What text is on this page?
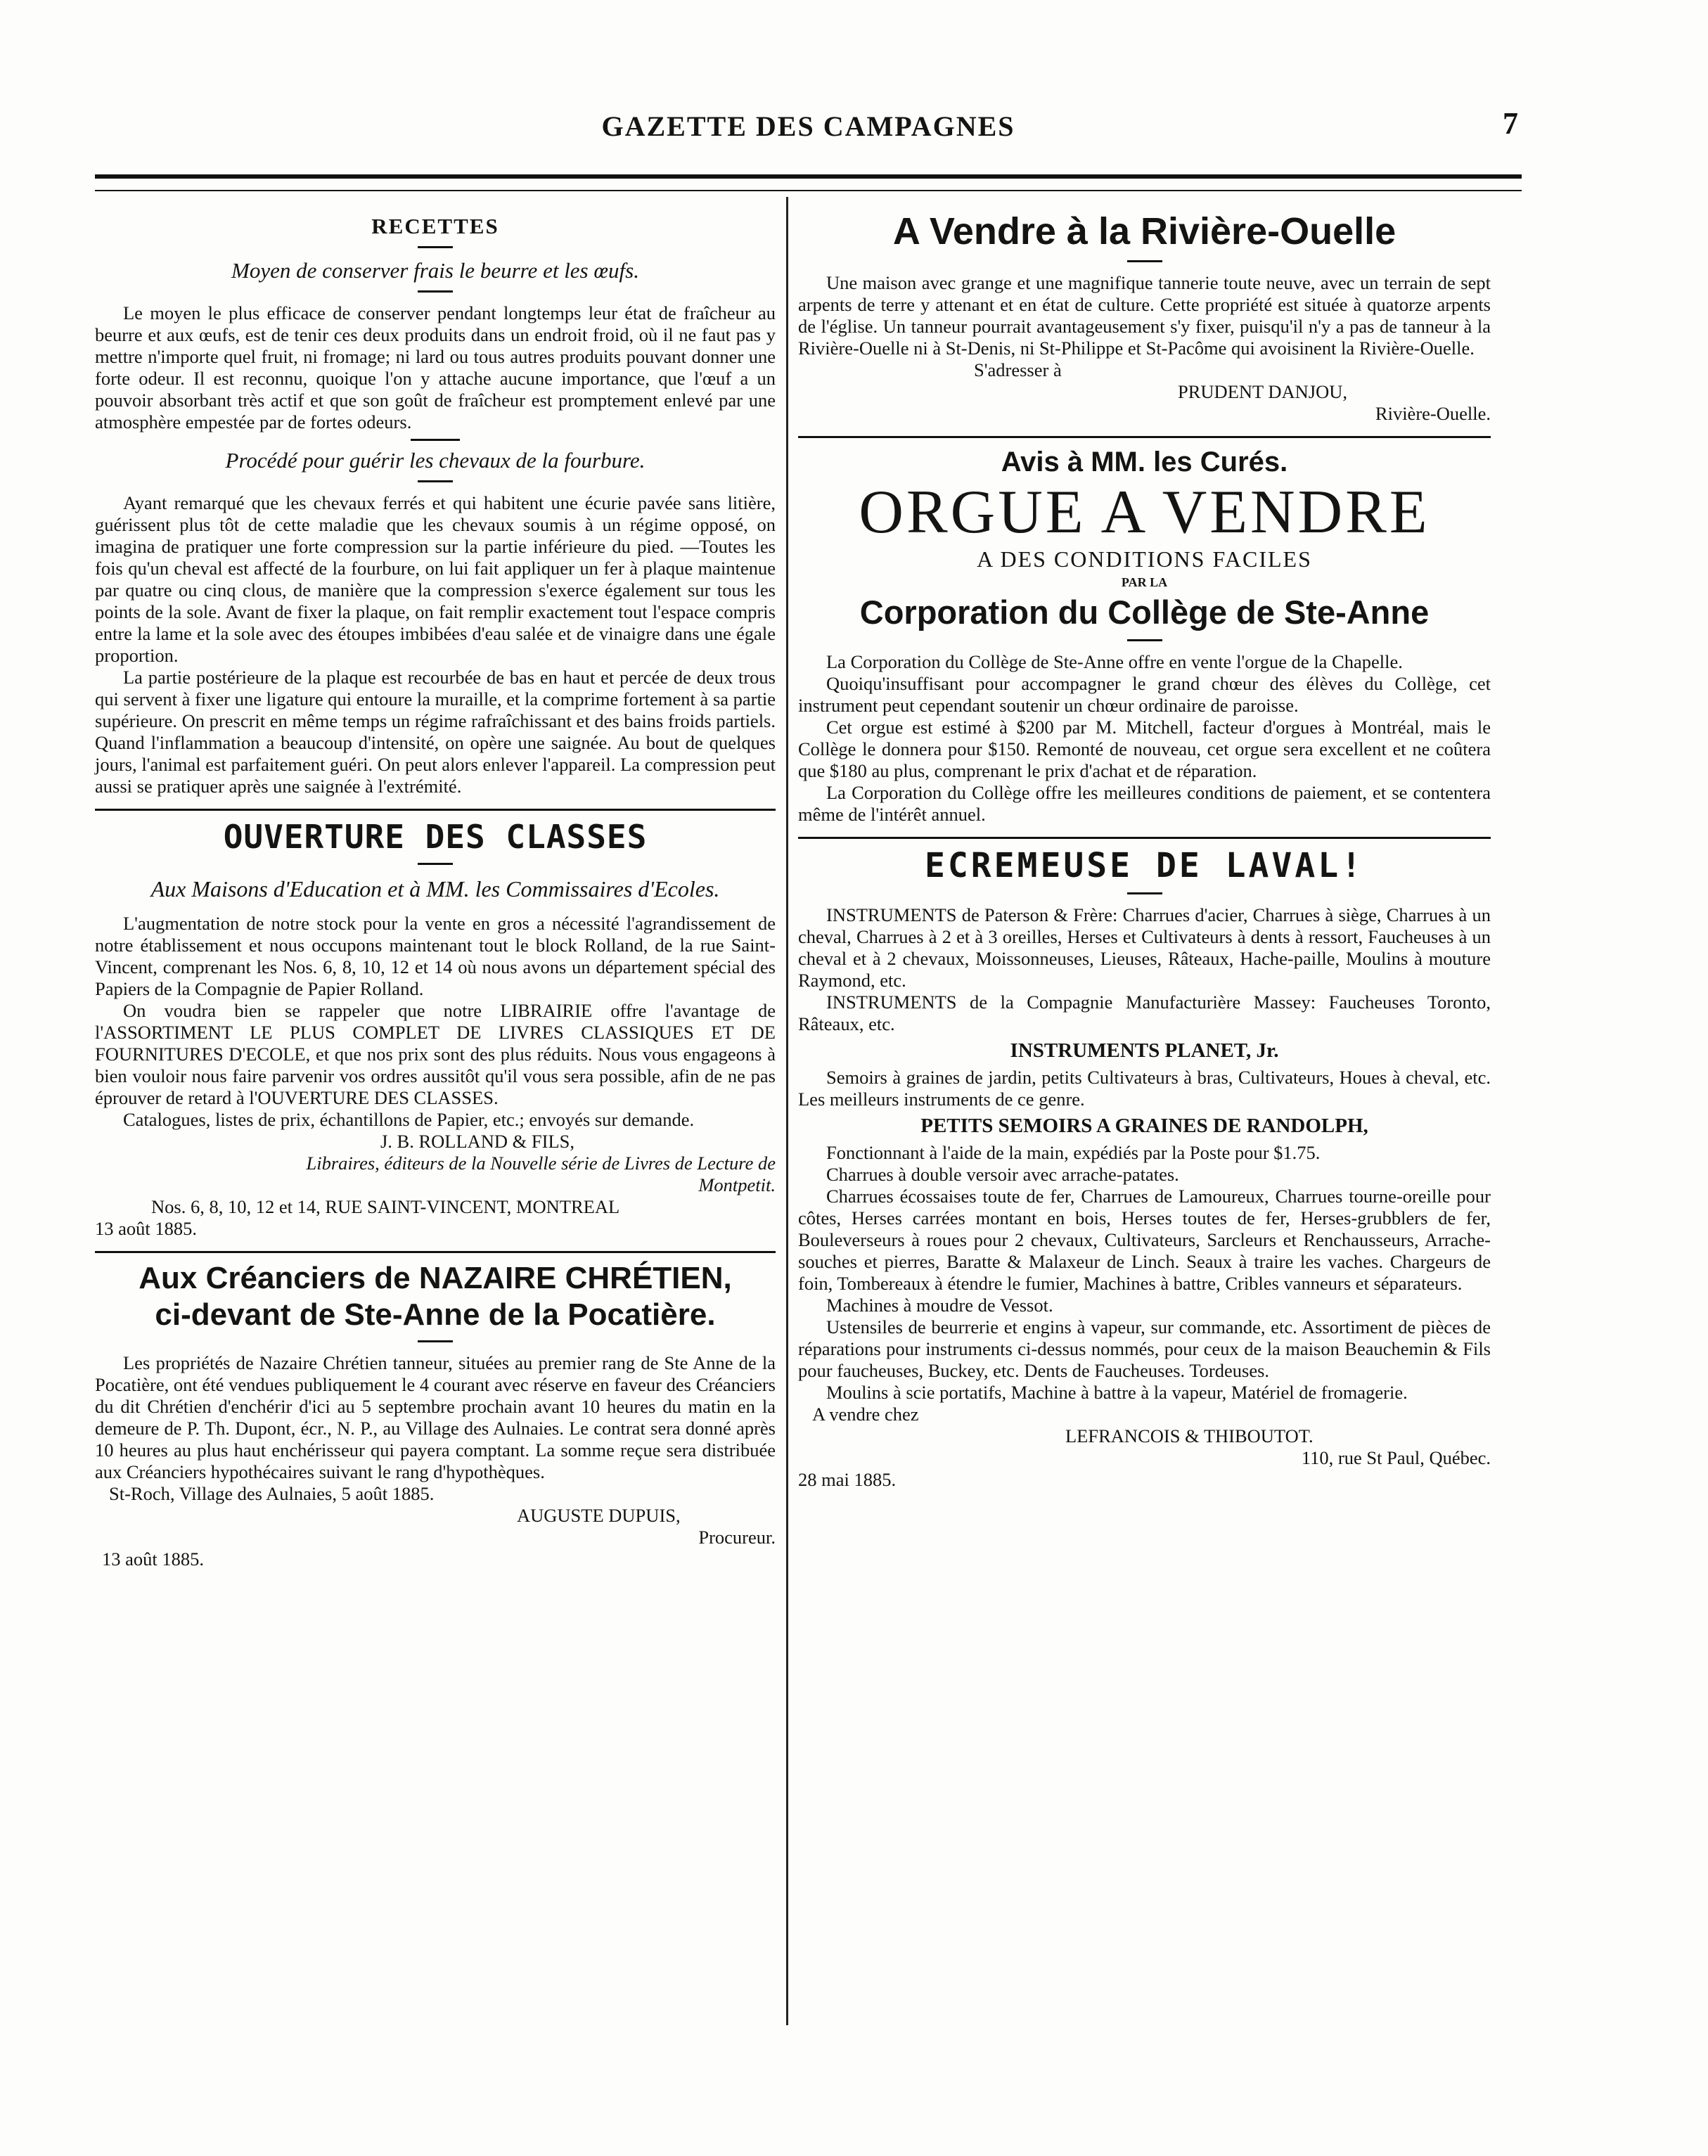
GAZETTE DES CAMPAGNES	7
RECETTES
Moyen de conserver frais le beurre et les œufs.

Le moyen le plus efficace de conserver pendant longtemps leur état de fraîcheur au beurre et aux œufs, est de tenir ces deux produits dans un endroit froid, où il ne faut pas y mettre n'importe quel fruit, ni fromage; ni lard ou tous autres produits pouvant donner une forte odeur. Il est reconnu, quoique l'on y attache aucune importance, que l'œuf a un pouvoir absorbant très actif et que son goût de fraîcheur est promptement enlevé par une atmosphère empestée par de fortes odeurs.

Procédé pour guérir les chevaux de la fourbure.

Ayant remarqué que les chevaux ferrés et qui habitent une écurie pavée sans litière, guérissent plus tôt de cette maladie que les chevaux soumis à un régime opposé, on imagina de pratiquer une forte compression sur la partie inférieure du pied. —Toutes les fois qu'un cheval est affecté de la fourbure, on lui fait appliquer un fer à plaque maintenue par quatre ou cinq clous, de manière que la compression s'exerce également sur tous les points de la sole. Avant de fixer la plaque, on fait remplir exactement tout l'espace compris entre la lame et la sole avec des étoupes imbibées d'eau salée et de vinaigre dans une égale proportion.

La partie postérieure de la plaque est recourbée de bas en haut et percée de deux trous qui servent à fixer une ligature qui entoure la muraille, et la comprime fortement à sa partie supérieure. On prescrit en même temps un régime rafraîchissant et des bains froids partiels. Quand l'inflammation a beaucoup d'intensité, on opère une saignée. Au bout de quelques jours, l'animal est parfaitement guéri. On peut alors enlever l'appareil. La compression peut aussi se pratiquer après une saignée à l'extrémité.

OUVERTURE DES CLASSES
Aux Maisons d'Education et à MM. les Commissaires d'Ecoles.

L'augmentation de notre stock pour la vente en gros a nécessité l'agrandissement de notre établissement et nous occupons maintenant tout le block Rolland, de la rue Saint-Vincent, comprenant les Nos. 6, 8, 10, 12 et 14 où nous avons un département spécial des Papiers de la Compagnie de Papier Rolland.

On voudra bien se rappeler que notre LIBRAIRIE offre l'avantage de l'ASSORTIMENT LE PLUS COMPLET DE LIVRES CLASSIQUES ET DE FOURNITURES D'ECOLE, et que nos prix sont des plus réduits. Nous vous engageons à bien vouloir nous faire parvenir vos ordres aussitôt qu'il vous sera possible, afin de ne pas éprouver de retard à l'OUVERTURE DES CLASSES.

Catalogues, listes de prix, échantillons de Papier, etc.; envoyés sur demande.

J. B. ROLLAND & FILS,
Libraires, éditeurs de la Nouvelle série de Livres de Lecture de Montpetit.
Nos. 6, 8, 10, 12 et 14, RUE SAINT-VINCENT, MONTREAL
13 août 1885.
Aux Créanciers de NAZAIRE CHRÉTIEN,
ci-devant de Ste-Anne de la Pocatière.

Les propriétés de Nazaire Chrétien tanneur, situées au premier rang de Ste Anne de la Pocatière, ont été vendues publiquement le 4 courant avec réserve en faveur des Créanciers du dit Chrétien d'enchérir d'ici au 5 septembre prochain avant 10 heures du matin en la demeure de P. Th. Dupont, écr., N. P., au Village des Aulnaies. Le contrat sera donné après 10 heures au plus haut enchérisseur qui payera comptant. La somme reçue sera distribuée aux Créanciers hypothécaires suivant le rang d'hypothèques.

St-Roch, Village des Aulnaies, 5 août 1885.
AUGUSTE DUPUIS,
Procureur.
13 août 1885.
A Vendre à la Rivière-Ouelle

Une maison avec grange et une magnifique tannerie toute neuve, avec un terrain de sept arpents de terre y attenant et en état de culture. Cette propriété est située à quatorze arpents de l'église. Un tanneur pourrait avantageusement s'y fixer, puisqu'il n'y a pas de tanneur à la Rivière-Ouelle ni à St-Denis, ni St-Philippe et St-Pacôme qui avoisinent la Rivière-Ouelle.

S'adresser à
PRUDENT DANJOU,
Rivière-Ouelle.
Avis à MM. les Curés.
ORGUE A VENDRE
A DES CONDITIONS FACILES
PAR LA
Corporation du Collège de Ste-Anne

La Corporation du Collège de Ste-Anne offre en vente l'orgue de la Chapelle.

Quoiqu'insuffisant pour accompagner le grand chœur des élèves du Collège, cet instrument peut cependant soutenir un chœur ordinaire de paroisse.

Cet orgue est estimé à $200 par M. Mitchell, facteur d'orgues à Montréal, mais le Collège le donnera pour $150. Remonté de nouveau, cet orgue sera excellent et ne coûtera que $180 au plus, comprenant le prix d'achat et de réparation.

La Corporation du Collège offre les meilleures conditions de paiement, et se contentera même de l'intérêt annuel.

ECREMEUSE DE LAVAL!

INSTRUMENTS de Paterson & Frère: Charrues d'acier, Charrues à siège, Charrues à un cheval, Charrues à 2 et à 3 oreilles, Herses et Cultivateurs à dents à ressort, Faucheuses à un cheval et à 2 chevaux, Moissonneuses, Lieuses, Râteaux, Hache-paille, Moulins à mouture Raymond, etc.

INSTRUMENTS de la Compagnie Manufacturière Massey: Faucheuses Toronto, Râteaux, etc.

INSTRUMENTS PLANET, Jr.

Semoirs à graines de jardin, petits Cultivateurs à bras, Cultivateurs, Houes à cheval, etc. Les meilleurs instruments de ce genre.

PETITS SEMOIRS A GRAINES DE RANDOLPH,

Fonctionnant à l'aide de la main, expédiés par la Poste pour $1.75.

Charrues à double versoir avec arrache-patates.

Charrues écossaises toute de fer, Charrues de Lamoureux, Charrues tourne-oreille pour côtes, Herses carrées montant en bois, Herses toutes de fer, Herses-grubblers de fer, Bouleverseurs à roues pour 2 chevaux, Cultivateurs, Sarcleurs et Renchausseurs, Arrache-souches et pierres, Baratte & Malaxeur de Linch. Seaux à traire les vaches. Chargeurs de foin, Tombereaux à étendre le fumier, Machines à battre, Cribles vanneurs et séparateurs.

Machines à moudre de Vessot.

Ustensiles de beurrerie et engins à vapeur, sur commande, etc. Assortiment de pièces de réparations pour instruments ci-dessus nommés, pour ceux de la maison Beauchemin & Fils pour faucheuses, Buckey, etc. Dents de Faucheuses. Tordeuses.

Moulins à scie portatifs, Machine à battre à la vapeur, Matériel de fromagerie.

A vendre chez
LEFRANCOIS & THIBOUTOT.
110, rue St Paul, Québec.
28 mai 1885.
